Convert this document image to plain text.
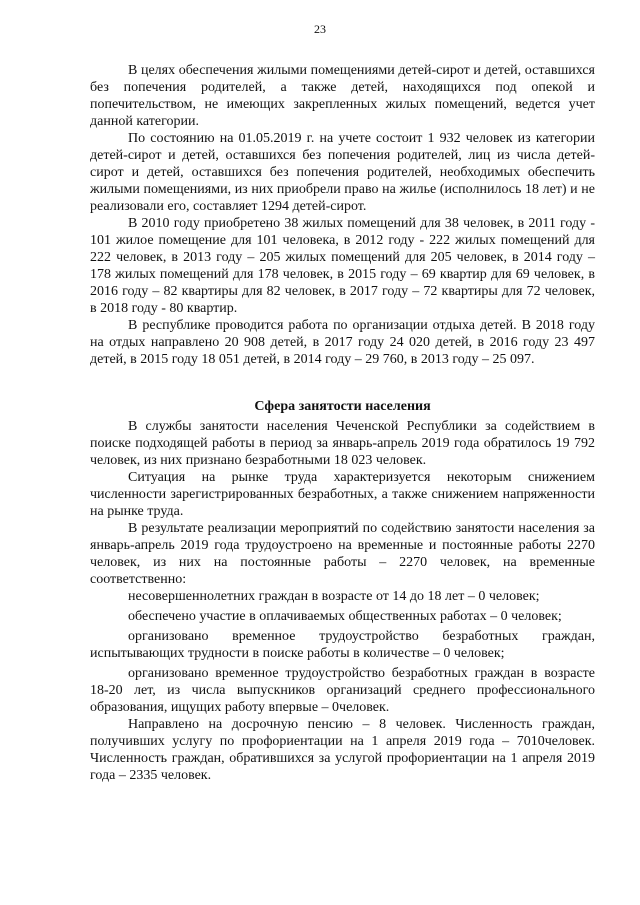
23

В целях обеспечения жилыми помещениями детей-сирот и детей, оставшихся без попечения родителей, а также детей, находящихся под опекой и попечительством, не имеющих закрепленных жилых помещений, ведется учет данной категории.

По состоянию на 01.05.2019 г. на учете состоит 1 932 человек из категории детей-сирот и детей, оставшихся без попечения родителей, лиц из числа детей-сирот и детей, оставшихся без попечения родителей, необходимых обеспечить жилыми помещениями, из них приобрели право на жилье (исполнилось 18 лет) и не реализовали его, составляет 1294 детей-сирот.

В 2010 году приобретено 38 жилых помещений для 38 человек, в 2011 году - 101 жилое помещение для 101 человека, в 2012 году - 222 жилых помещений для 222 человек, в 2013 году – 205 жилых помещений для 205 человек, в 2014 году – 178 жилых помещений для 178 человек, в 2015 году – 69 квартир для 69 человек, в 2016 году – 82 квартиры для 82 человек, в 2017 году – 72 квартиры для 72 человек, в 2018 году - 80 квартир.

В республике проводится работа по организации отдыха детей. В 2018 году на отдых направлено 20 908 детей, в 2017 году 24 020 детей, в 2016 году 23 497 детей, в 2015 году 18 051 детей, в 2014 году – 29 760, в 2013 году – 25 097.

Сфера занятости населения

В службы занятости населения Чеченской Республики за содействием в поиске подходящей работы в период за январь-апрель 2019 года обратилось 19 792 человек, из них признано безработными 18 023 человек.

Ситуация на рынке труда характеризуется некоторым снижением численности зарегистрированных безработных, а также снижением напряженности на рынке труда.

В результате реализации мероприятий по содействию занятости населения за январь-апрель 2019 года трудоустроено на временные и постоянные работы 2270 человек, из них на постоянные работы – 2270 человек, на временные соответственно:

несовершеннолетних граждан в возрасте от 14 до 18 лет – 0 человек;

обеспечено участие в оплачиваемых общественных работах – 0 человек;

организовано временное трудоустройство безработных граждан, испытывающих трудности в поиске работы в количестве – 0 человек;

организовано временное трудоустройство безработных граждан в возрасте 18-20 лет, из числа выпускников организаций среднего профессионального образования, ищущих работу впервые – 0человек.

Направлено на досрочную пенсию – 8 человек. Численность граждан, получивших услугу по профориентации на 1 апреля 2019 года – 7010человек. Численность граждан, обратившихся за услугой профориентации на 1 апреля 2019 года – 2335 человек.
